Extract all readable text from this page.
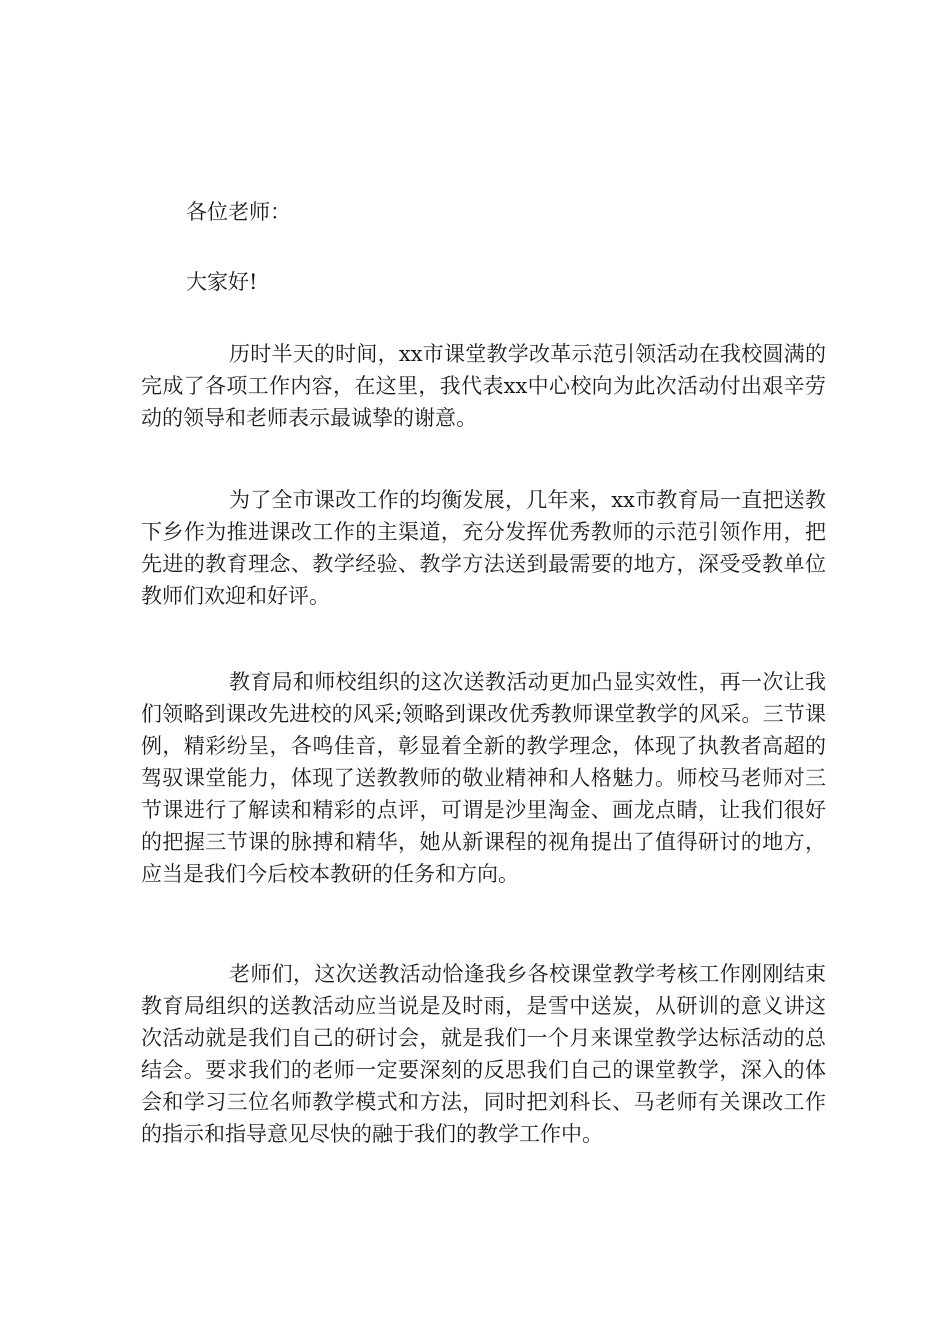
各位老师：
大家好!

历时半天的时间，xx市课堂教学改革示范引领活动在我校圆满的完成了各项工作内容，在这里，我代表xx中心校向为此次活动付出艰辛劳动的领导和老师表示最诚挚的谢意。

为了全市课改工作的均衡发展，几年来，xx市教育局一直把送教下乡作为推进课改工作的主渠道，充分发挥优秀教师的示范引领作用，把先进的教育理念、教学经验、教学方法送到最需要的地方，深受受教单位教师们欢迎和好评。

教育局和师校组织的这次送教活动更加凸显实效性，再一次让我们领略到课改先进校的风采;领略到课改优秀教师课堂教学的风采。三节课例，精彩纷呈，各鸣佳音，彰显着全新的教学理念，体现了执教者高超的驾驭课堂能力，体现了送教教师的敬业精神和人格魅力。师校马老师对三节课进行了解读和精彩的点评，可谓是沙里淘金、画龙点睛，让我们很好的把握三节课的脉搏和精华，她从新课程的视角提出了值得研讨的地方，应当是我们今后校本教研的任务和方向。

老师们，这次送教活动恰逢我乡各校课堂教学考核工作刚刚结束教育局组织的送教活动应当说是及时雨，是雪中送炭，从研训的意义讲这次活动就是我们自己的研讨会，就是我们一个月来课堂教学达标活动的总结会。要求我们的老师一定要深刻的反思我们自己的课堂教学，深入的体会和学习三位名师教学模式和方法，同时把刘科长、马老师有关课改工作的指示和指导意见尽快的融于我们的教学工作中。
